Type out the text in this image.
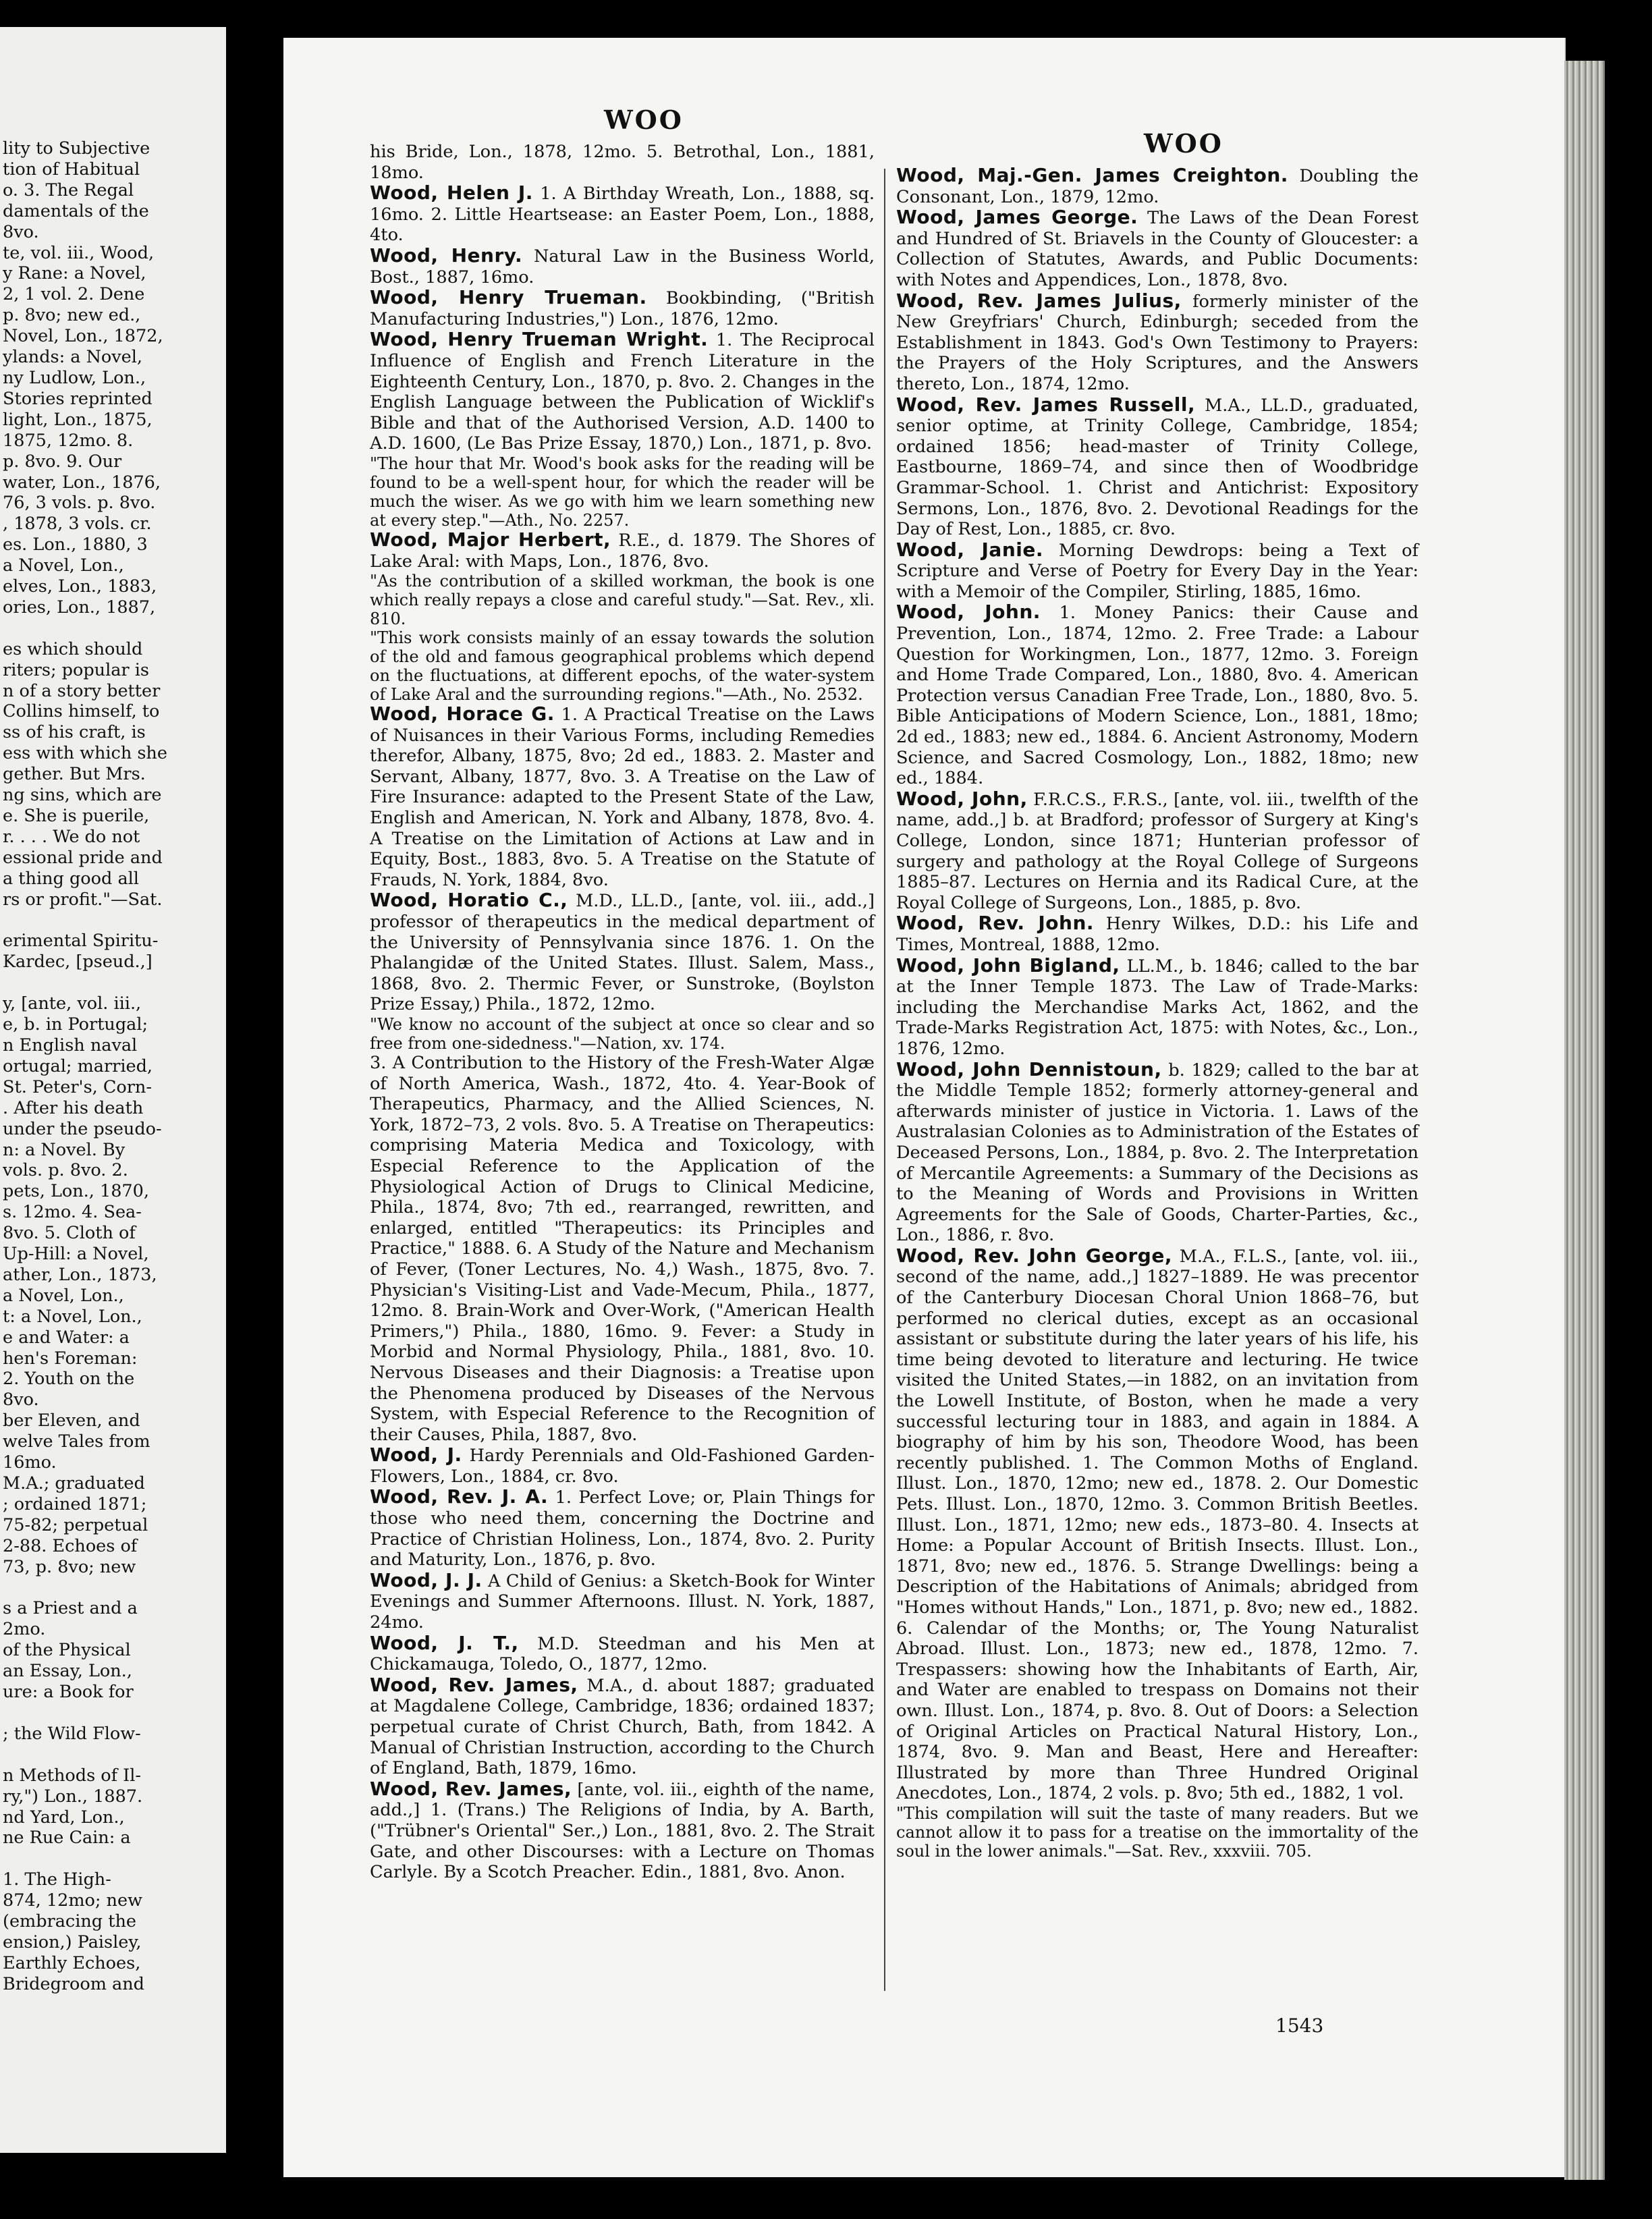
lity to Subjective
tion of Habitual
o. 3. The Regal
damentals of the
8vo.
te, vol. iii., Wood,
y Rane: a Novel,
2, 1 vol. 2. Dene
p. 8vo; new ed.,
Novel, Lon., 1872,
ylands: a Novel,
ny Ludlow, Lon.,
Stories reprinted
light, Lon., 1875,
1875, 12mo. 8.
p. 8vo. 9. Our
water, Lon., 1876,
76, 3 vols. p. 8vo.
, 1878, 3 vols. cr.
es. Lon., 1880, 3
a Novel, Lon.,
elves, Lon., 1883,
ories, Lon., 1887,

es which should
riters; popular is
n of a story better
Collins himself, to
ss of his craft, is
ess with which she
gether. But Mrs.
ng sins, which are
e. She is puerile,
r. . . . We do not
essional pride and
a thing good all
rs or profit."—Sat.

erimental Spiritu-
Kardec, [pseud.,]

y, [ante, vol. iii.,
e, b. in Portugal;
n English naval
ortugal; married,
St. Peter's, Corn-
. After his death
under the pseudo-
n: a Novel. By
vols. p. 8vo. 2.
pets, Lon., 1870,
s. 12mo. 4. Sea-
8vo. 5. Cloth of
Up-Hill: a Novel,
ather, Lon., 1873,
a Novel, Lon.,
t: a Novel, Lon.,
e and Water: a
hen's Foreman:
2. Youth on the
8vo.
ber Eleven, and
welve Tales from
16mo.
M.A.; graduated
; ordained 1871;
75-82; perpetual
2-88. Echoes of
73, p. 8vo; new

s a Priest and a
2mo.
of the Physical
an Essay, Lon.,
ure: a Book for

; the Wild Flow-

n Methods of Il-
ry,") Lon., 1887.
nd Yard, Lon.,
ne Rue Cain: a

1. The High-
874, 12mo; new
(embracing the
ension,) Paisley,
Earthly Echoes,
Bridegroom and
WOO
WOO

his Bride, Lon., 1878, 12mo. 5. Betrothal, Lon., 1881, 18mo.

Wood, Helen J. 1. A Birthday Wreath, Lon., 1888, sq. 16mo. 2. Little Heartsease: an Easter Poem, Lon., 1888, 4to.

Wood, Henry. Natural Law in the Business World, Bost., 1887, 16mo.

Wood, Henry Trueman. Bookbinding, ("British Manufacturing Industries,") Lon., 1876, 12mo.

Wood, Henry Trueman Wright. 1. The Reciprocal Influence of English and French Literature in the Eighteenth Century, Lon., 1870, p. 8vo. 2. Changes in the English Language between the Publication of Wicklif's Bible and that of the Authorised Version, A.D. 1400 to A.D. 1600, (Le Bas Prize Essay, 1870,) Lon., 1871, p. 8vo.

"The hour that Mr. Wood's book asks for the reading will be found to be a well-spent hour, for which the reader will be much the wiser. As we go with him we learn something new at every step."—Ath., No. 2257.

Wood, Major Herbert, R.E., d. 1879. The Shores of Lake Aral: with Maps, Lon., 1876, 8vo.

"As the contribution of a skilled workman, the book is one which really repays a close and careful study."—Sat. Rev., xli. 810.

"This work consists mainly of an essay towards the solution of the old and famous geographical problems which depend on the fluctuations, at different epochs, of the water-system of Lake Aral and the surrounding regions."—Ath., No. 2532.

Wood, Horace G. 1. A Practical Treatise on the Laws of Nuisances in their Various Forms, including Remedies therefor, Albany, 1875, 8vo; 2d ed., 1883. 2. Master and Servant, Albany, 1877, 8vo. 3. A Treatise on the Law of Fire Insurance: adapted to the Present State of the Law, English and American, N. York and Albany, 1878, 8vo. 4. A Treatise on the Limitation of Actions at Law and in Equity, Bost., 1883, 8vo. 5. A Treatise on the Statute of Frauds, N. York, 1884, 8vo.

Wood, Horatio C., M.D., LL.D., [ante, vol. iii., add.,] professor of therapeutics in the medical department of the University of Pennsylvania since 1876. 1. On the Phalangidæ of the United States. Illust. Salem, Mass., 1868, 8vo. 2. Thermic Fever, or Sunstroke, (Boylston Prize Essay,) Phila., 1872, 12mo.

"We know no account of the subject at once so clear and so free from one-sidedness."—Nation, xv. 174.

3. A Contribution to the History of the Fresh-Water Algæ of North America, Wash., 1872, 4to. 4. Year-Book of Therapeutics, Pharmacy, and the Allied Sciences, N. York, 1872–73, 2 vols. 8vo. 5. A Treatise on Therapeutics: comprising Materia Medica and Toxicology, with Especial Reference to the Application of the Physiological Action of Drugs to Clinical Medicine, Phila., 1874, 8vo; 7th ed., rearranged, rewritten, and enlarged, entitled "Therapeutics: its Principles and Practice," 1888. 6. A Study of the Nature and Mechanism of Fever, (Toner Lectures, No. 4,) Wash., 1875, 8vo. 7. Physician's Visiting-List and Vade-Mecum, Phila., 1877, 12mo. 8. Brain-Work and Over-Work, ("American Health Primers,") Phila., 1880, 16mo. 9. Fever: a Study in Morbid and Normal Physiology, Phila., 1881, 8vo. 10. Nervous Diseases and their Diagnosis: a Treatise upon the Phenomena produced by Diseases of the Nervous System, with Especial Reference to the Recognition of their Causes, Phila, 1887, 8vo.

Wood, J. Hardy Perennials and Old-Fashioned Garden-Flowers, Lon., 1884, cr. 8vo.

Wood, Rev. J. A. 1. Perfect Love; or, Plain Things for those who need them, concerning the Doctrine and Practice of Christian Holiness, Lon., 1874, 8vo. 2. Purity and Maturity, Lon., 1876, p. 8vo.

Wood, J. J. A Child of Genius: a Sketch-Book for Winter Evenings and Summer Afternoons. Illust. N. York, 1887, 24mo.

Wood, J. T., M.D. Steedman and his Men at Chickamauga, Toledo, O., 1877, 12mo.

Wood, Rev. James, M.A., d. about 1887; graduated at Magdalene College, Cambridge, 1836; ordained 1837; perpetual curate of Christ Church, Bath, from 1842. A Manual of Christian Instruction, according to the Church of England, Bath, 1879, 16mo.

Wood, Rev. James, [ante, vol. iii., eighth of the name, add.,] 1. (Trans.) The Religions of India, by A. Barth, ("Trübner's Oriental" Ser.,) Lon., 1881, 8vo. 2. The Strait Gate, and other Discourses: with a Lecture on Thomas Carlyle. By a Scotch Preacher. Edin., 1881, 8vo. Anon.

Wood, Maj.-Gen. James Creighton. Doubling the Consonant, Lon., 1879, 12mo.

Wood, James George. The Laws of the Dean Forest and Hundred of St. Briavels in the County of Gloucester: a Collection of Statutes, Awards, and Public Documents: with Notes and Appendices, Lon., 1878, 8vo.

Wood, Rev. James Julius, formerly minister of the New Greyfriars' Church, Edinburgh; seceded from the Establishment in 1843. God's Own Testimony to Prayers: the Prayers of the Holy Scriptures, and the Answers thereto, Lon., 1874, 12mo.

Wood, Rev. James Russell, M.A., LL.D., graduated, senior optime, at Trinity College, Cambridge, 1854; ordained 1856; head-master of Trinity College, Eastbourne, 1869–74, and since then of Woodbridge Grammar-School. 1. Christ and Antichrist: Expository Sermons, Lon., 1876, 8vo. 2. Devotional Readings for the Day of Rest, Lon., 1885, cr. 8vo.

Wood, Janie. Morning Dewdrops: being a Text of Scripture and Verse of Poetry for Every Day in the Year: with a Memoir of the Compiler, Stirling, 1885, 16mo.

Wood, John. 1. Money Panics: their Cause and Prevention, Lon., 1874, 12mo. 2. Free Trade: a Labour Question for Workingmen, Lon., 1877, 12mo. 3. Foreign and Home Trade Compared, Lon., 1880, 8vo. 4. American Protection versus Canadian Free Trade, Lon., 1880, 8vo. 5. Bible Anticipations of Modern Science, Lon., 1881, 18mo; 2d ed., 1883; new ed., 1884. 6. Ancient Astronomy, Modern Science, and Sacred Cosmology, Lon., 1882, 18mo; new ed., 1884.

Wood, John, F.R.C.S., F.R.S., [ante, vol. iii., twelfth of the name, add.,] b. at Bradford; professor of Surgery at King's College, London, since 1871; Hunterian professor of surgery and pathology at the Royal College of Surgeons 1885–87. Lectures on Hernia and its Radical Cure, at the Royal College of Surgeons, Lon., 1885, p. 8vo.

Wood, Rev. John. Henry Wilkes, D.D.: his Life and Times, Montreal, 1888, 12mo.

Wood, John Bigland, LL.M., b. 1846; called to the bar at the Inner Temple 1873. The Law of Trade-Marks: including the Merchandise Marks Act, 1862, and the Trade-Marks Registration Act, 1875: with Notes, &c., Lon., 1876, 12mo.

Wood, John Dennistoun, b. 1829; called to the bar at the Middle Temple 1852; formerly attorney-general and afterwards minister of justice in Victoria. 1. Laws of the Australasian Colonies as to Administration of the Estates of Deceased Persons, Lon., 1884, p. 8vo. 2. The Interpretation of Mercantile Agreements: a Summary of the Decisions as to the Meaning of Words and Provisions in Written Agreements for the Sale of Goods, Charter-Parties, &c., Lon., 1886, r. 8vo.

Wood, Rev. John George, M.A., F.L.S., [ante, vol. iii., second of the name, add.,] 1827–1889. He was precentor of the Canterbury Diocesan Choral Union 1868–76, but performed no clerical duties, except as an occasional assistant or substitute during the later years of his life, his time being devoted to literature and lecturing. He twice visited the United States,—in 1882, on an invitation from the Lowell Institute, of Boston, when he made a very successful lecturing tour in 1883, and again in 1884. A biography of him by his son, Theodore Wood, has been recently published. 1. The Common Moths of England. Illust. Lon., 1870, 12mo; new ed., 1878. 2. Our Domestic Pets. Illust. Lon., 1870, 12mo. 3. Common British Beetles. Illust. Lon., 1871, 12mo; new eds., 1873–80. 4. Insects at Home: a Popular Account of British Insects. Illust. Lon., 1871, 8vo; new ed., 1876. 5. Strange Dwellings: being a Description of the Habitations of Animals; abridged from "Homes without Hands," Lon., 1871, p. 8vo; new ed., 1882. 6. Calendar of the Months; or, The Young Naturalist Abroad. Illust. Lon., 1873; new ed., 1878, 12mo. 7. Trespassers: showing how the Inhabitants of Earth, Air, and Water are enabled to trespass on Domains not their own. Illust. Lon., 1874, p. 8vo. 8. Out of Doors: a Selection of Original Articles on Practical Natural History, Lon., 1874, 8vo. 9. Man and Beast, Here and Hereafter: Illustrated by more than Three Hundred Original Anecdotes, Lon., 1874, 2 vols. p. 8vo; 5th ed., 1882, 1 vol.

"This compilation will suit the taste of many readers. But we cannot allow it to pass for a treatise on the immortality of the soul in the lower animals."—Sat. Rev., xxxviii. 705.

1543
